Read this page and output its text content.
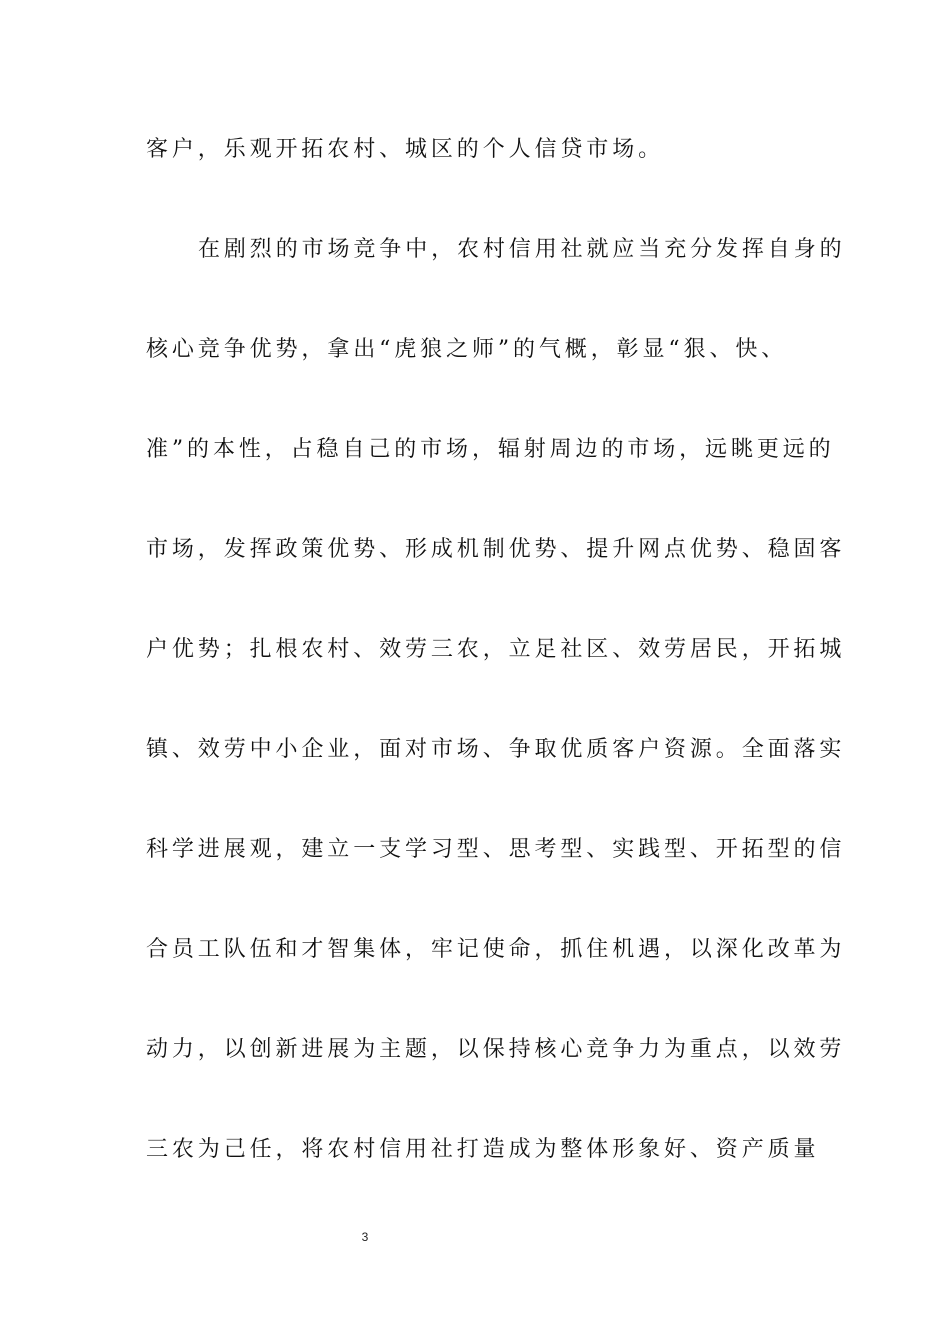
客户，乐观开拓农村、城区的个人信贷市场。
在剧烈的市场竞争中，农村信用社就应当充分发挥自身的
核心竞争优势，拿出“虎狼之师”的气概，彰显“狠、快、
准”的本性，占稳自己的市场，辐射周边的市场，远眺更远的
市场，发挥政策优势、形成机制优势、提升网点优势、稳固客
户优势；扎根农村、效劳三农，立足社区、效劳居民，开拓城
镇、效劳中小企业，面对市场、争取优质客户资源。全面落实
科学进展观，建立一支学习型、思考型、实践型、开拓型的信
合员工队伍和才智集体，牢记使命，抓住机遇，以深化改革为
动力，以创新进展为主题，以保持核心竞争力为重点，以效劳
三农为己任，将农村信用社打造成为整体形象好、资产质量
3
